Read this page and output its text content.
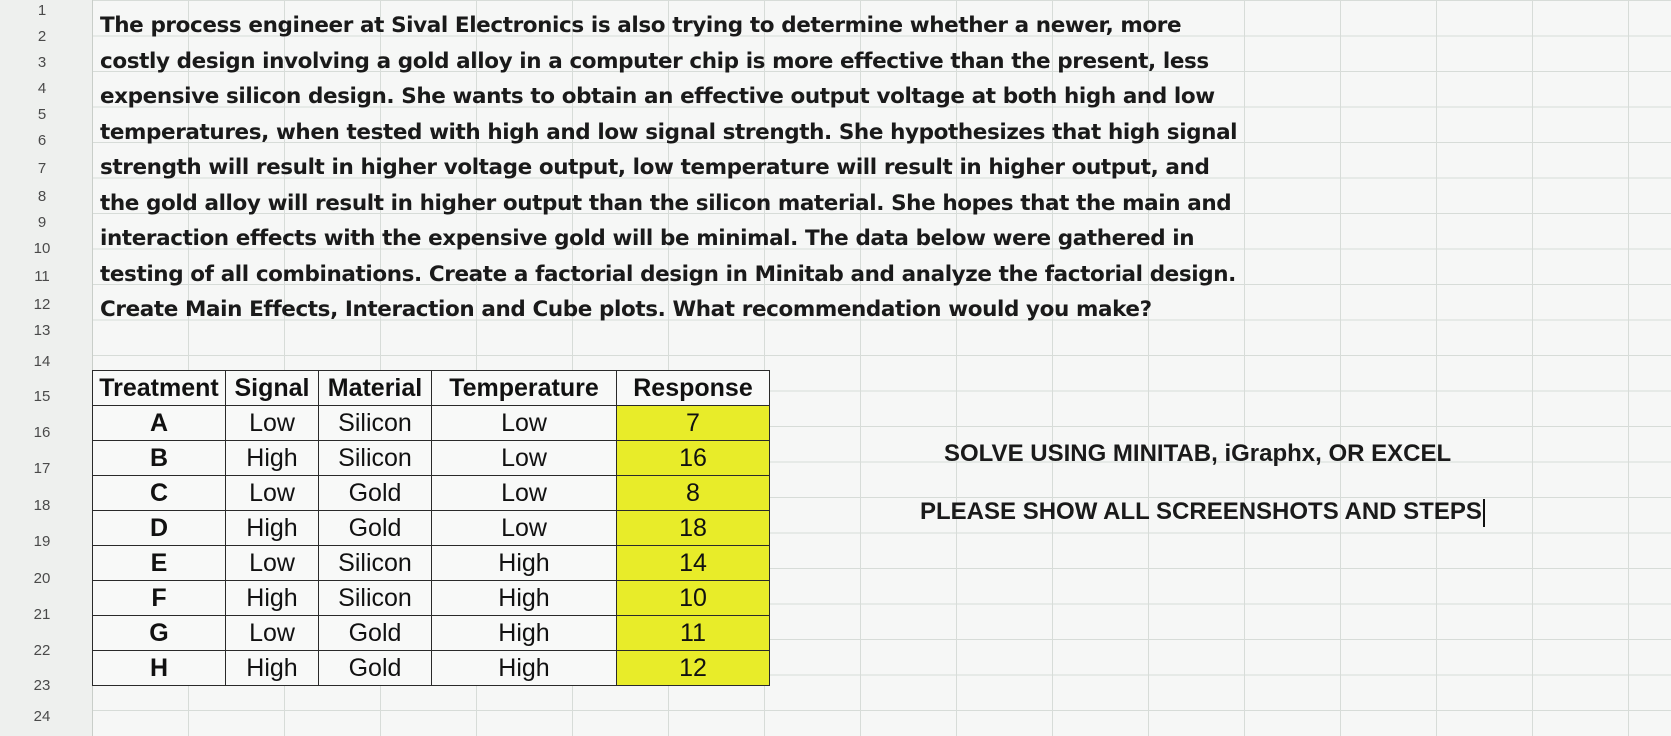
1
2
3
4
5
6
7
8
9
10
11
12
13
14
15
16
17
18
19
20
21
22
23
24
The process engineer at Sival Electronics is also trying to determine whether a newer, more
costly design involving a gold alloy in a computer chip is more effective than the present, less
expensive silicon design. She wants to obtain an effective output voltage at both high and low
temperatures, when tested with high and low signal strength. She hypothesizes that high signal
strength will result in higher voltage output, low temperature will result in higher output, and
the gold alloy will result in higher output than the silicon material. She hopes that the main and
interaction effects with the expensive gold will be minimal. The data below were gathered in
testing of all combinations. Create a factorial design in Minitab and analyze the factorial design.
Create Main Effects, Interaction and Cube plots. What recommendation would you make?
Treatment	Signal	Material	Temperature	Response
A	Low	Silicon	Low	7
B	High	Silicon	Low	16
C	Low	Gold	Low	8
D	High	Gold	Low	18
E	Low	Silicon	High	14
F	High	Silicon	High	10
G	Low	Gold	High	11
H	High	Gold	High	12
SOLVE USING MINITAB, iGraphx, OR EXCEL
PLEASE SHOW ALL SCREENSHOTS AND STEPS
